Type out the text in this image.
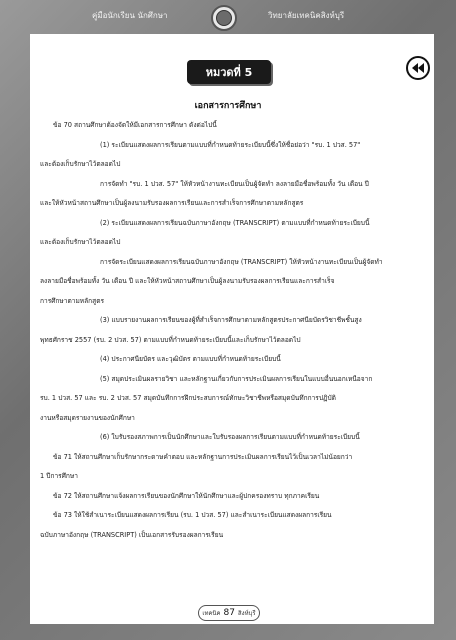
คู่มือนักเรียน นักศึกษา	วิทยาลัยเทคนิคสิงห์บุรี
หมวดที่ 5
เอกสารการศึกษา

ข้อ 70 สถานศึกษาต้องจัดให้มีเอกสารการศึกษา ดังต่อไปนี้

(1) ระเบียนแสดงผลการเรียนตามแบบที่กำหนดท้ายระเบียบนี้ซึ่งให้ชื่อย่อว่า "รบ. 1 ปวส. 57"

และต้องเก็บรักษาไว้ตลอดไป

การจัดทำ "รบ. 1 ปวส. 57" ให้หัวหน้างานทะเบียนเป็นผู้จัดทำ ลงลายมือชื่อพร้อมทั้ง วัน เดือน ปี

และให้หัวหน้าสถานศึกษาเป็นผู้ลงนามรับรองผลการเรียนและการสำเร็จการศึกษาตามหลักสูตร

(2) ระเบียนแสดงผลการเรียนฉบับภาษาอังกฤษ (TRANSCRIPT) ตามแบบที่กำหนดท้ายระเบียบนี้

และต้องเก็บรักษาไว้ตลอดไป

การจัดระเบียนแสดงผลการเรียนฉบับภาษาอังกฤษ (TRANSCRIPT) ให้หัวหน้างานทะเบียนเป็นผู้จัดทำ

ลงลายมือชื่อพร้อมทั้ง วัน เดือน ปี และให้หัวหน้าสถานศึกษาเป็นผู้ลงนามรับรองผลการเรียนและการสำเร็จ

การศึกษาตามหลักสูตร

(3) แบบรายงานผลการเรียนของผู้ที่สำเร็จการศึกษาตามหลักสูตรประกาศนียบัตรวิชาชีพชั้นสูง

พุทธศักราช 2557 (รบ. 2 ปวส. 57) ตามแบบที่กำหนดท้ายระเบียบนี้และเก็บรักษาไว้ตลอดไป

(4) ประกาศนียบัตร และวุฒิบัตร ตามแบบที่กำหนดท้ายระเบียบนี้

(5) สมุดประเมินผลรายวิชา และหลักฐานเกี่ยวกับการประเมินผลการเรียนในแบบอื่นนอกเหนือจาก

รบ. 1 ปวส. 57 และ รบ. 2 ปวส. 57 สมุดบันทึกการฝึกประสบการณ์ทักษะวิชาชีพหรือสมุดบันทึกการปฏิบัติ

งานหรือสมุดรายงานของนักศึกษา

(6) ใบรับรองสภาพการเป็นนักศึกษาและใบรับรองผลการเรียนตามแบบที่กำหนดท้ายระเบียบนี้

ข้อ 71 ให้สถานศึกษาเก็บรักษากระดาษคำตอบ และหลักฐานการประเมินผลการเรียนไว้เป็นเวลาไม่น้อยกว่า

1 ปีการศึกษา

ข้อ 72 ให้สถานศึกษาแจ้งผลการเรียนของนักศึกษาให้นักศึกษาและผู้ปกครองทราบ ทุกภาคเรียน

ข้อ 73 ให้ใช้สำเนาระเบียนแสดงผลการเรียน (รบ. 1 ปวส. 57) และสำเนาระเบียนแสดงผลการเรียน

ฉบับภาษาอังกฤษ (TRANSCRIPT) เป็นเอกสารรับรองผลการเรียน

เทคนิค 87 สิงห์บุรี
